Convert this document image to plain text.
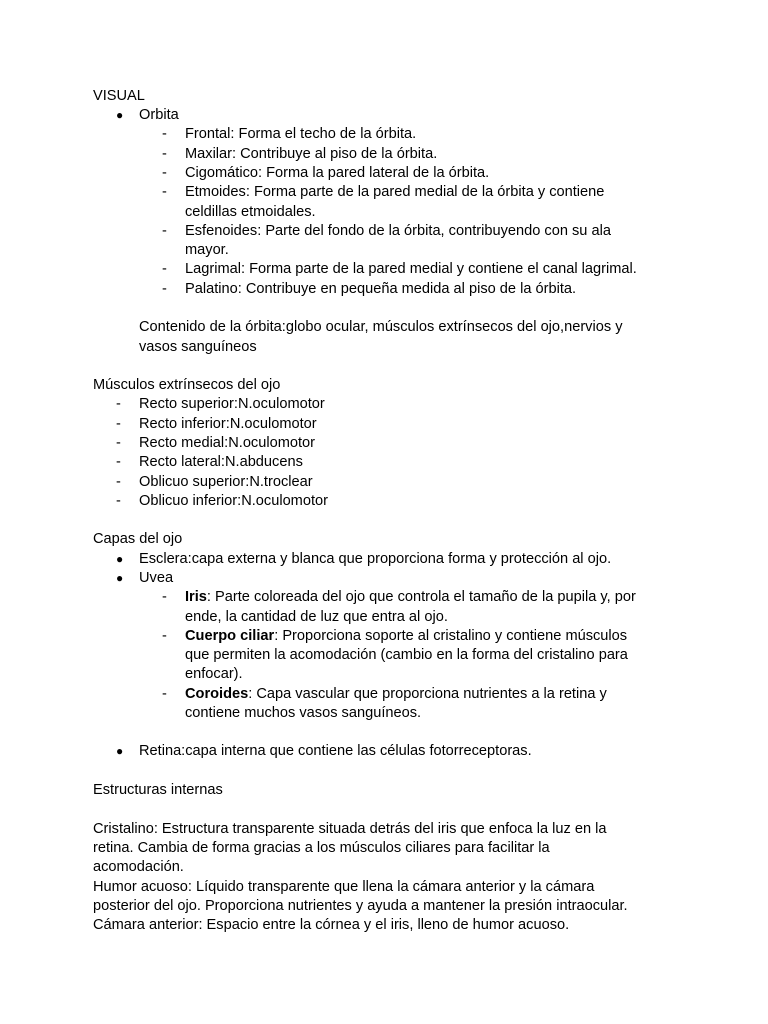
VISUAL
● Orbita
- Frontal: Forma el techo de la órbita.
- Maxilar: Contribuye al piso de la órbita.
- Cigomático: Forma la pared lateral de la órbita.
- Etmoides: Forma parte de la pared medial de la órbita y contiene
celdillas etmoidales.
- Esfenoides: Parte del fondo de la órbita, contribuyendo con su ala
mayor.
- Lagrimal: Forma parte de la pared medial y contiene el canal lagrimal.
- Palatino: Contribuye en pequeña medida al piso de la órbita.
Contenido de la órbita:globo ocular, músculos extrínsecos del ojo,nervios y
vasos sanguíneos
Músculos extrínsecos del ojo
- Recto superior:N.oculomotor
- Recto inferior:N.oculomotor
- Recto medial:N.oculomotor
- Recto lateral:N.abducens
- Oblicuo superior:N.troclear
- Oblicuo inferior:N.oculomotor
Capas del ojo
● Esclera:capa externa y blanca que proporciona forma y protección al ojo.
● Uvea
- Iris: Parte coloreada del ojo que controla el tamaño de la pupila y, por
ende, la cantidad de luz que entra al ojo.
- Cuerpo ciliar: Proporciona soporte al cristalino y contiene músculos
que permiten la acomodación (cambio en la forma del cristalino para
enfocar).
- Coroides: Capa vascular que proporciona nutrientes a la retina y
contiene muchos vasos sanguíneos.
● Retina:capa interna que contiene las células fotorreceptoras.
Estructuras internas
Cristalino: Estructura transparente situada detrás del iris que enfoca la luz en la
retina. Cambia de forma gracias a los músculos ciliares para facilitar la
acomodación.
Humor acuoso: Líquido transparente que llena la cámara anterior y la cámara
posterior del ojo. Proporciona nutrientes y ayuda a mantener la presión intraocular.
Cámara anterior: Espacio entre la córnea y el iris, lleno de humor acuoso.
